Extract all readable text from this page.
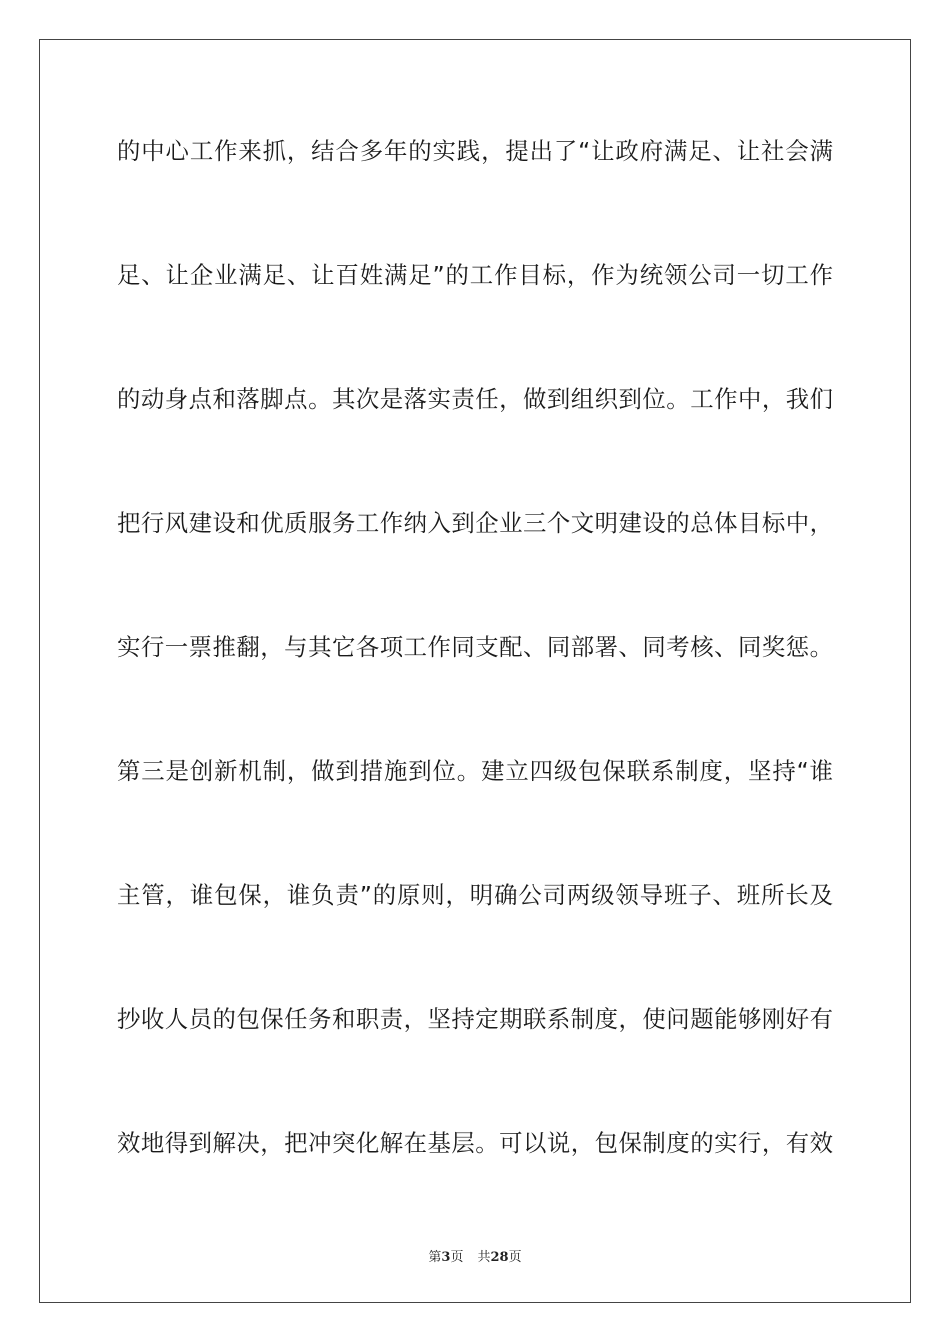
的中心工作来抓，结合多年的实践，提出了“让政府满足、让社会满
足、让企业满足、让百姓满足”的工作目标，作为统领公司一切工作
的动身点和落脚点。其次是落实责任，做到组织到位。工作中，我们
把行风建设和优质服务工作纳入到企业三个文明建设的总体目标中，
实行一票推翻，与其它各项工作同支配、同部署、同考核、同奖惩。
第三是创新机制，做到措施到位。建立四级包保联系制度，坚持“谁
主管，谁包保，谁负责”的原则，明确公司两级领导班子、班所长及
抄收人员的包保任务和职责，坚持定期联系制度，使问题能够刚好有
效地得到解决，把冲突化解在基层。可以说，包保制度的实行，有效
第3页 共28页
